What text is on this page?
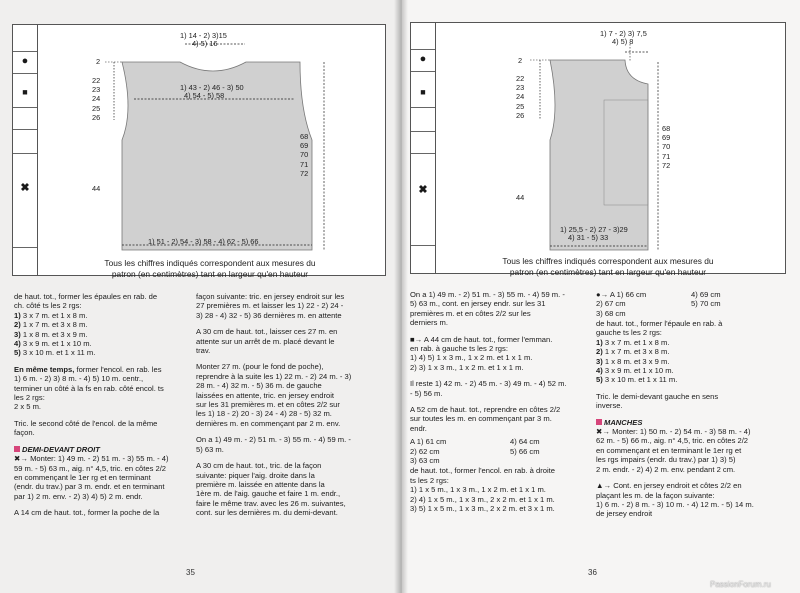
●
■
✖
1) 14 - 2) 3)15
4) 5) 16
2
22
23
24
25
26
1) 43 - 2) 46 - 3) 50
4) 54 - 5) 58
68
69
70
71
72
44
1) 51 - 2) 54 - 3) 58 - 4) 62 - 5) 66
Tous les chiffres indiqués correspondent aux mesures du
patron (en centimètres) tant en largeur qu'en hauteur
de haut. tot., former les épaules en rab. de
ch. côté ts les 2 rgs:
1) 3 x 7 m. et 1 x 8 m.
2) 1 x 7 m. et 3 x 8 m.
3) 1 x 8 m. et 3 x 9 m.
4) 3 x 9 m. et 1 x 10 m.
5) 3 x 10 m. et 1 x 11 m.
En même temps, former l'encol. en rab. les
1) 6 m. - 2) 3) 8 m. - 4) 5) 10 m. centr.,
terminer un côté à la fs en rab. côté encol. ts
les 2 rgs:
2 x 5 m.
Tric. le second côté de l'encol. de la même
façon.
DEMI-DEVANT DROIT
✖→ Monter: 1) 49 m. - 2) 51 m. - 3) 55 m. - 4)
59 m. - 5) 63 m., aig. n° 4,5, tric. en côtes 2/2
en commençant le 1er rg et en terminant
(endr. du trav.) par 3 m. endr. et en terminant
par 1) 2 m. env. - 2) 3) 4) 5) 2 m. endr.
A 14 cm de haut. tot., former la poche de la
façon suivante: tric. en jersey endroit sur les
27 premières m. et laisser les 1) 22 - 2) 24 -
3) 28 - 4) 32 - 5) 36 dernières m. en attente
A 30 cm de haut. tot., laisser ces 27 m. en
attente sur un arrêt de m. placé devant le
trav.
Monter 27 m. (pour le fond de poche),
reprendre à la suite les 1) 22 m. - 2) 24 m. - 3)
28 m. - 4) 32 m. - 5) 36 m. de gauche
laissées en attente, tric. en jersey endroit
sur les 31 premières m. et en côtes 2/2 sur
les 1) 18 - 2) 20 - 3) 24 - 4) 28 - 5) 32 m.
dernières m. en commençant par 2 m. env.
On a 1) 49 m. - 2) 51 m. - 3) 55 m. - 4) 59 m. -
5) 63 m.
A 30 cm de haut. tot., tric. de la façon
suivante: piquer l'aig. droite dans la
première m. laissée en attente dans la
1ère m. de l'aig. gauche et faire 1 m. endr.,
faire le même trav. avec les 26 m. suivantes,
cont. sur les dernières m. du demi-devant.
35
●
■
✖
1) 7 - 2) 3) 7,5
4) 5) 8
2
22
23
24
25
26
68
69
70
71
72
44
1) 25,5 - 2) 27 - 3)29
4) 31 - 5) 33
Tous les chiffres indiqués correspondent aux mesures du
patron (en centimètres) tant en largeur qu'en hauteur
On a 1) 49 m. - 2) 51 m. - 3) 55 m. - 4) 59 m. -
5) 63 m., cont. en jersey endr. sur les 31
premières m. et en côtes 2/2 sur les
derniers m.
■→ A 44 cm de haut. tot., former l'emman.
en rab. à gauche ts les 2 rgs:
1) 4) 5) 1 x 3 m., 1 x 2 m. et 1 x 1 m.
2) 3) 1 x 3 m., 1 x 2 m. et 1 x 1 m.
Il reste 1) 42 m. - 2) 45 m. - 3) 49 m. - 4) 52 m.
- 5) 56 m.
A 52 cm de haut. tot., reprendre en côtes 2/2
sur toutes les m. en commençant par 3 m.
endr.
A 1) 61 cm
2) 62 cm
3) 63 cm
4) 64 cm
5) 66 cm
de haut. tot., former l'encol. en rab. à droite
ts les 2 rgs:
1) 1 x 5 m., 1 x 3 m., 1 x 2 m. et 1 x 1 m.
2) 4) 1 x 5 m., 1 x 3 m., 2 x 2 m. et 1 x 1 m.
3) 5) 1 x 5 m., 1 x 3 m., 2 x 2 m. et 3 x 1 m.
36
●→ A 1) 66 cm
2) 67 cm
3) 68 cm
4) 69 cm
5) 70 cm
de haut. tot., former l'épaule en rab. à
gauche ts les 2 rgs:
1) 3 x 7 m. et 1 x 8 m.
2) 1 x 7 m. et 3 x 8 m.
3) 1 x 8 m. et 3 x 9 m.
4) 3 x 9 m. et 1 x 10 m.
5) 3 x 10 m. et 1 x 11 m.
Tric. le demi-devant gauche en sens
inverse.
MANCHES
✖→ Monter: 1) 50 m. - 2) 54 m. - 3) 58 m. - 4)
62 m. - 5) 66 m., aig. n° 4,5, tric. en côtes 2/2
en commençant et en terminant le 1er rg et
les rgs impairs (endr. du trav.) par 1) 3) 5)
2 m. endr. - 2) 4) 2 m. env. pendant 2 cm.
▲→ Cont. en jersey endroit et côtes 2/2 en
plaçant les m. de la façon suivante:
1) 6 m. - 2) 8 m. - 3) 10 m. - 4) 12 m. - 5) 14 m.
de jersey endroit
PassionForum.ru
